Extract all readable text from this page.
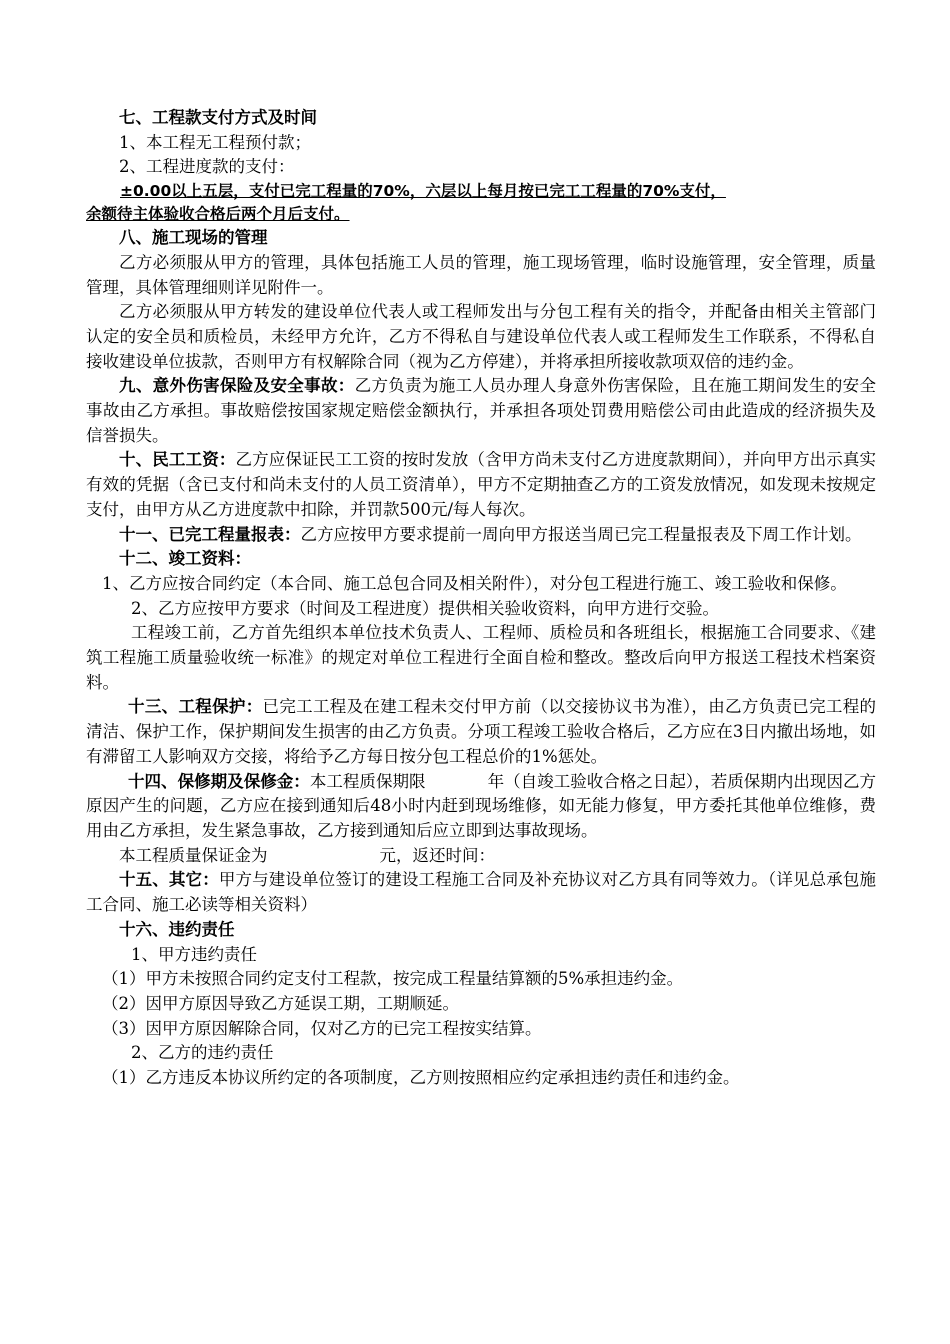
七、工程款支付方式及时间

1、本工程无工程预付款；

2、工程进度款的支付：

±0.00以上五层，支付已完工程量的70%，六层以上每月按已完工工程量的70%支付，
余额待主体验收合格后两个月后支付。

八、施工现场的管理

乙方必须服从甲方的管理，具体包括施工人员的管理，施工现场管理，临时设施管理，安全管理，质量管理，具体管理细则详见附件一。

乙方必须服从甲方转发的建设单位代表人或工程师发出与分包工程有关的指令，并配备由相关主管部门认定的安全员和质检员，未经甲方允许，乙方不得私自与建设单位代表人或工程师发生工作联系，不得私自接收建设单位拔款，否则甲方有权解除合同（视为乙方停建），并将承担所接收款项双倍的违约金。

九、意外伤害保险及安全事故：乙方负责为施工人员办理人身意外伤害保险，且在施工期间发生的安全事故由乙方承担。事故赔偿按国家规定赔偿金额执行，并承担各项处罚费用赔偿公司由此造成的经济损失及信誉损失。

十、民工工资：乙方应保证民工工资的按时发放（含甲方尚未支付乙方进度款期间），并向甲方出示真实有效的凭据（含已支付和尚未支付的人员工资清单），甲方不定期抽查乙方的工资发放情况，如发现未按规定支付，由甲方从乙方进度款中扣除，并罚款500元/每人每次。

十一、已完工程量报表：乙方应按甲方要求提前一周向甲方报送当周已完工程量报表及下周工作计划。

十二、竣工资料：

1、乙方应按合同约定（本合同、施工总包合同及相关附件），对分包工程进行施工、竣工验收和保修。

2、乙方应按甲方要求（时间及工程进度）提供相关验收资料，向甲方进行交验。

工程竣工前，乙方首先组织本单位技术负责人、工程师、质检员和各班组长，根据施工合同要求、《建筑工程施工质量验收统一标准》的规定对单位工程进行全面自检和整改。整改后向甲方报送工程技术档案资料。

十三、工程保护：已完工工程及在建工程未交付甲方前（以交接协议书为准），由乙方负责已完工程的清洁、保护工作，保护期间发生损害的由乙方负责。分项工程竣工验收合格后，乙方应在3日内撤出场地，如有滞留工人影响双方交接，将给予乙方每日按分包工程总价的1%惩处。

十四、保修期及保修金：本工程质保期限	年（自竣工验收合格之日起），若质保期内出现因乙方原因产生的问题，乙方应在接到通知后48小时内赶到现场维修，如无能力修复，甲方委托其他单位维修，费用由乙方承担，发生紧急事故，乙方接到通知后应立即到达事故现场。

本工程质量保证金为	元，返还时间：

十五、其它：甲方与建设单位签订的建设工程施工合同及补充协议对乙方具有同等效力。（详见总承包施工合同、施工必读等相关资料）

十六、违约责任

1、甲方违约责任

（1）甲方未按照合同约定支付工程款，按完成工程量结算额的5%承担违约金。

（2）因甲方原因导致乙方延误工期，工期顺延。

（3）因甲方原因解除合同，仅对乙方的已完工程按实结算。

2、乙方的违约责任

（1）乙方违反本协议所约定的各项制度，乙方则按照相应约定承担违约责任和违约金。
